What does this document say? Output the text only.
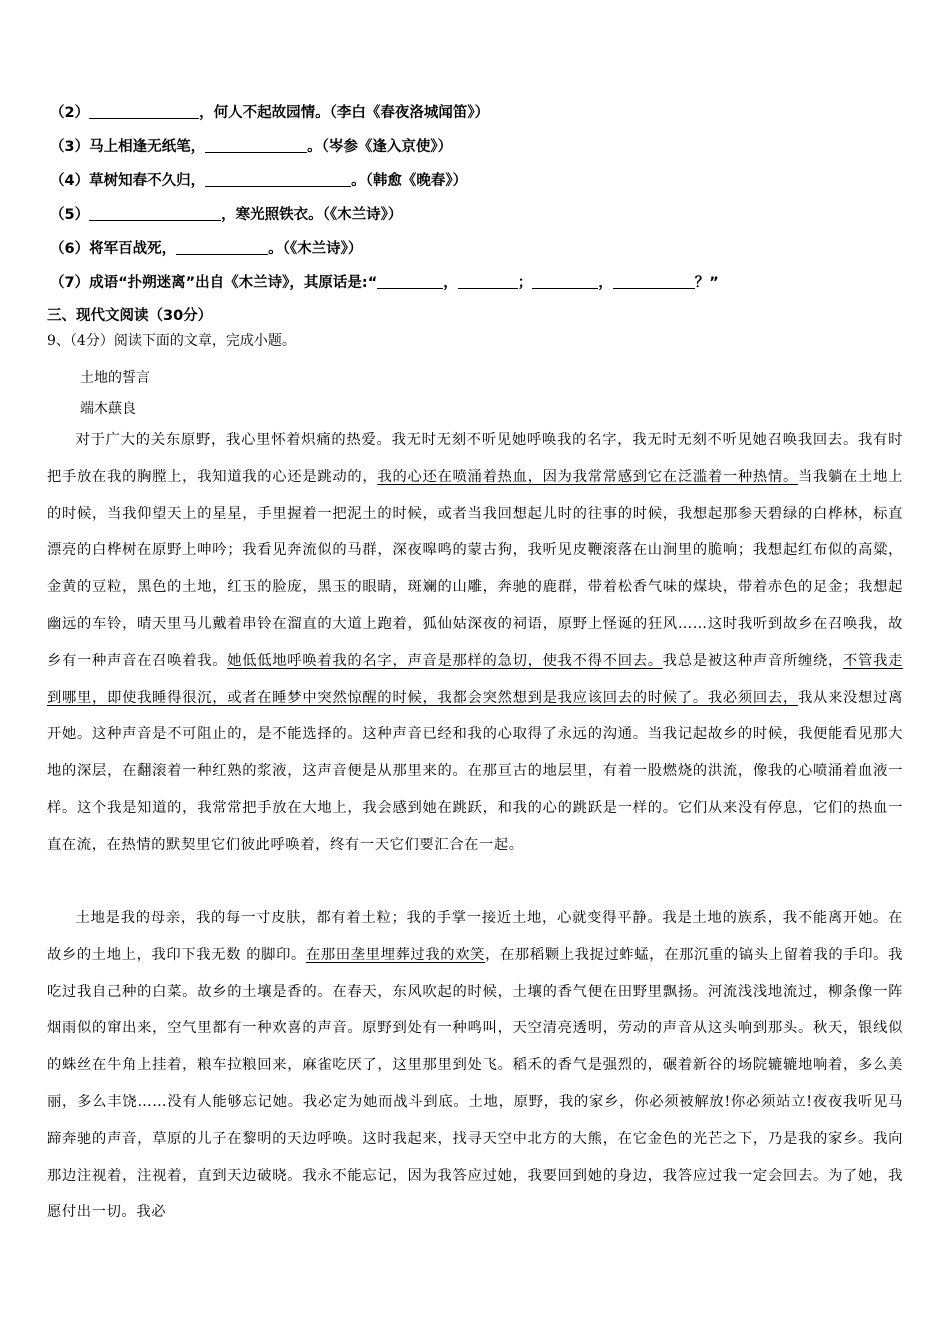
（2）	，何人不起故园情。（李白《春夜洛城闻笛》）
（3）马上相逢无纸笔，	。（岑参《逢入京使》）
（4）草树知春不久归，	。（韩愈《晚春》）
（5）	，寒光照铁衣。（《木兰诗》）
（6）将军百战死，	。（《木兰诗》）
（7）成语“扑朔迷离”出自《木兰诗》，其原话是:“	，	；	，	？”
三、现代文阅读（30分）
9、（4分）阅读下面的文章，完成小题。
土地的誓言
端木蕻良
对于广大的关东原野，我心里怀着炽痛的热爱。我无时无刻不听见她呼唤我的名字，我无时无刻不听见她召唤我回去。我有时把手放在我的胸膛上，我知道我的心还是跳动的，我的心还在喷涌着热血，因为我常常感到它在泛滥着一种热情。当我躺在土地上的时候，当我仰望天上的星星，手里握着一把泥土的时候，或者当我回想起儿时的往事的时候，我想起那参天碧绿的白桦林，标直漂亮的白桦树在原野上呻吟；我看见奔流似的马群，深夜嗥鸣的蒙古狗，我听见皮鞭滚落在山涧里的脆响；我想起红布似的高粱，金黄的豆粒，黑色的土地，红玉的脸庞，黑玉的眼睛，斑斓的山雕，奔驰的鹿群，带着松香气味的煤块，带着赤色的足金；我想起幽远的车铃，晴天里马儿戴着串铃在溜直的大道上跑着，狐仙姑深夜的祠语，原野上怪诞的狂风……这时我听到故乡在召唤我，故乡有一种声音在召唤着我。她低低地呼唤着我的名字，声音是那样的急切，使我不得不回去。我总是被这种声音所缠绕，不管我走到哪里，即使我睡得很沉，或者在睡梦中突然惊醒的时候，我都会突然想到是我应该回去的时候了。我必须回去，我从来没想过离开她。这种声音是不可阻止的，是不能选择的。这种声音已经和我的心取得了永远的沟通。当我记起故乡的时候，我便能看见那大地的深层，在翻滚着一种红熟的浆液，这声音便是从那里来的。在那亘古的地层里，有着一股燃烧的洪流，像我的心喷涌着血液一样。这个我是知道的，我常常把手放在大地上，我会感到她在跳跃，和我的心的跳跃是一样的。它们从来没有停息，它们的热血一直在流，在热情的默契里它们彼此呼唤着，终有一天它们要汇合在一起。
土地是我的母亲，我的每一寸皮肤，都有着土粒；我的手掌一接近土地，心就变得平静。我是土地的族系，我不能离开她。在故乡的土地上，我印下我无数 的脚印。在那田垄里埋葬过我的欢笑，在那稻颗上我捉过蚱蜢，在那沉重的镐头上留着我的手印。我吃过我自己种的白菜。故乡的土壤是香的。在春天，东风吹起的时候，土壤的香气便在田野里飘扬。河流浅浅地流过，柳条像一阵烟雨似的窜出来，空气里都有一种欢喜的声音。原野到处有一种鸣叫，天空清亮透明，劳动的声音从这头响到那头。秋天，银线似的蛛丝在牛角上挂着，粮车拉粮回来，麻雀吃厌了，这里那里到处飞。稻禾的香气是强烈的，碾着新谷的场院辘辘地响着，多么美丽，多么丰饶……没有人能够忘记她。我必定为她而战斗到底。土地，原野，我的家乡，你必须被解放!你必须站立!夜夜我听见马蹄奔驰的声音，草原的儿子在黎明的天边呼唤。这时我起来，找寻天空中北方的大熊，在它金色的光芒之下，乃是我的家乡。我向那边注视着，注视着，直到天边破晓。我永不能忘记，因为我答应过她，我要回到她的身边，我答应过我一定会回去。为了她，我愿付出一切。我必
